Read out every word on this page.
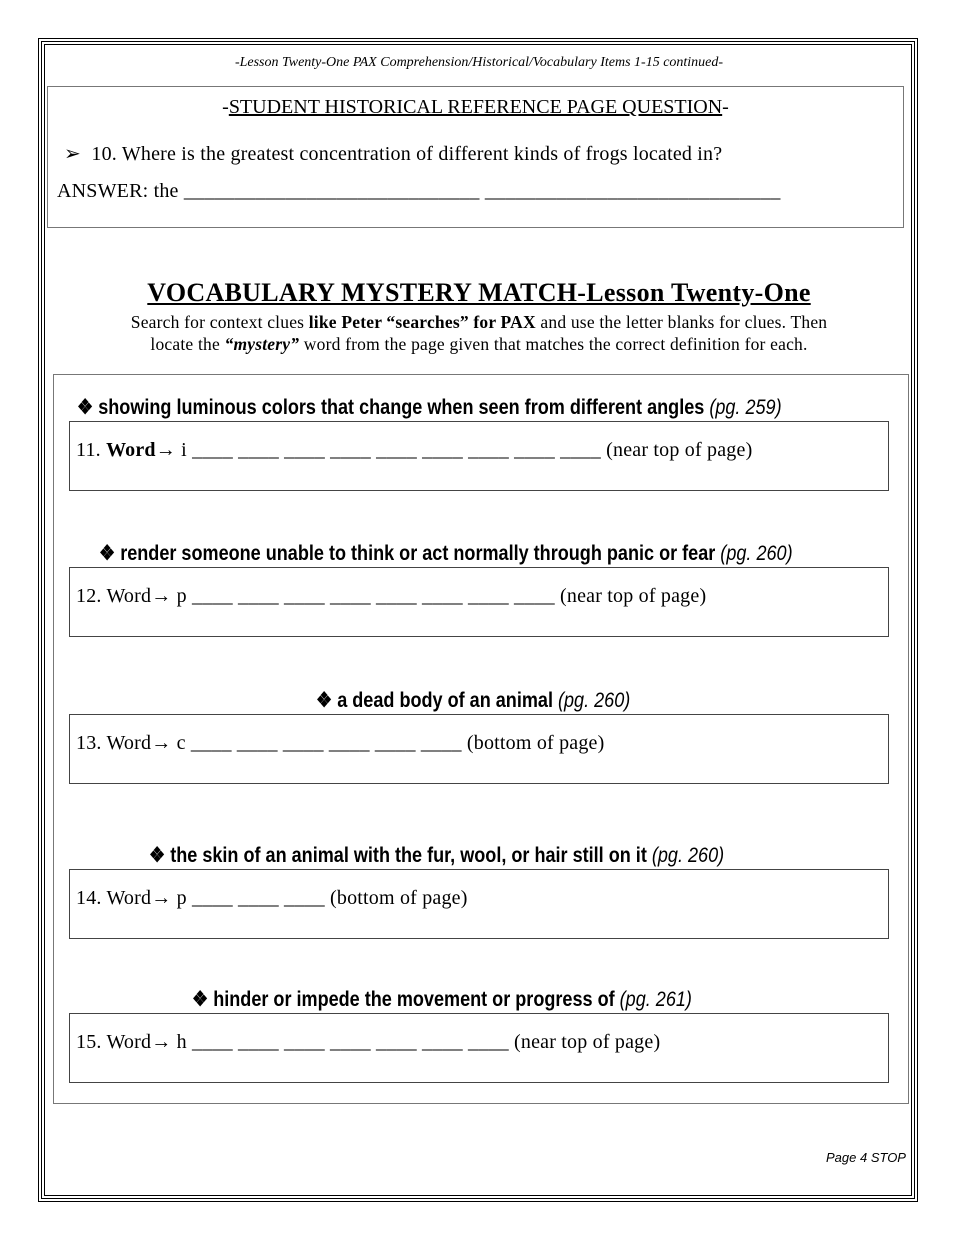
-Lesson Twenty-One PAX Comprehension/Historical/Vocabulary Items 1-15 continued-
-STUDENT HISTORICAL REFERENCE PAGE QUESTION-
➢ 10. Where is the greatest concentration of different kinds of frogs located in?
ANSWER: the _____________________________ _____________________________
VOCABULARY MYSTERY MATCH-Lesson Twenty-One
Search for context clues like Peter “searches” for PAX and use the letter blanks for clues. Then
locate the “mystery” word from the page given that matches the correct definition for each.
❖ showing luminous colors that change when seen from different angles (pg. 259)
11. Word→ i ____ ____ ____ ____ ____ ____ ____ ____ ____ (near top of page)
❖ render someone unable to think or act normally through panic or fear (pg. 260)
12. Word→ p ____ ____ ____ ____ ____ ____ ____ ____ (near top of page)
❖ a dead body of an animal (pg. 260)
13. Word→ c ____ ____ ____ ____ ____ ____ (bottom of page)
❖ the skin of an animal with the fur, wool, or hair still on it (pg. 260)
14. Word→ p ____ ____ ____ (bottom of page)
❖ hinder or impede the movement or progress of (pg. 261)
15. Word→ h ____ ____ ____ ____ ____ ____ ____ (near top of page)
Page 4 STOP
